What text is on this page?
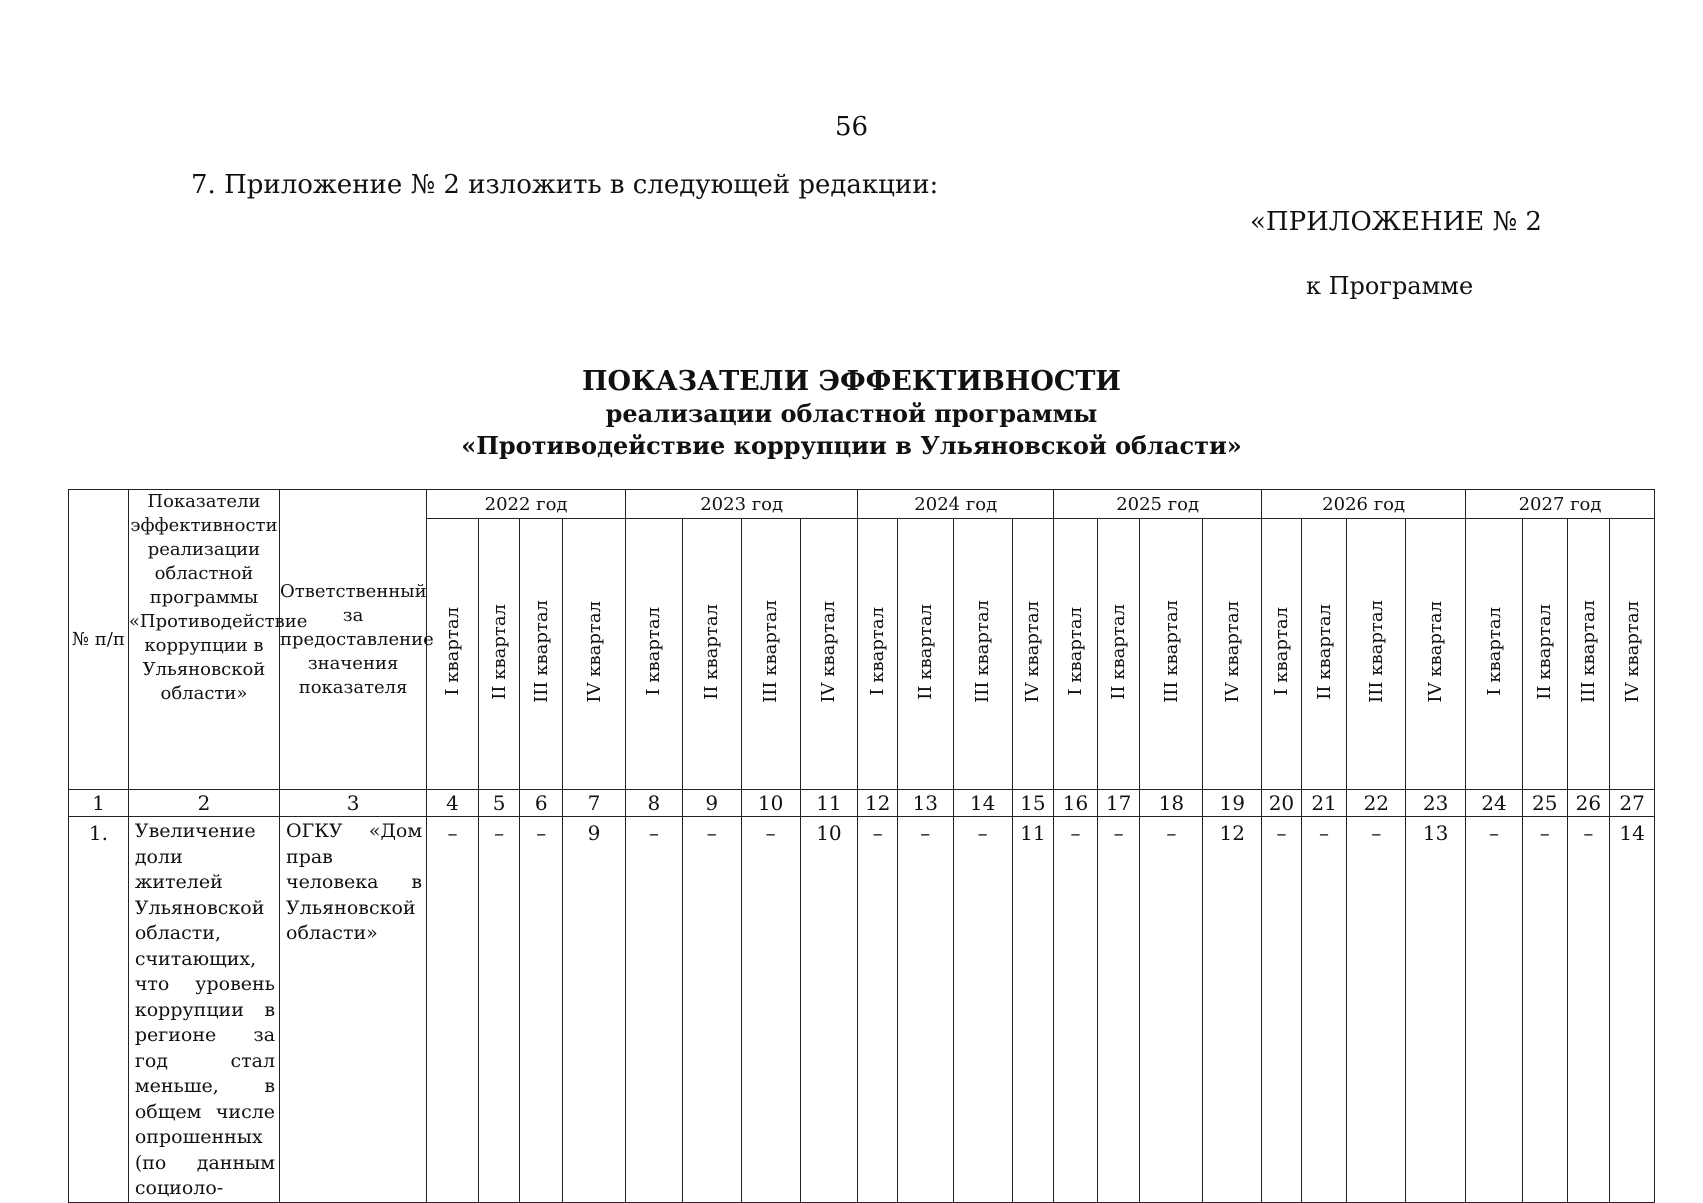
56
7. Приложение № 2 изложить в следующей редакции:
«ПРИЛОЖЕНИЕ № 2
к Программе
ПОКАЗАТЕЛИ ЭФФЕКТИВНОСТИ
реализации областной программы
«Противодействие коррупции в Ульяновской области»
№ п/п	Показатели эффективности реализации областной программы «Противодействие коррупции в Ульяновской области»	Ответственный за предоставление значения показателя	2022 год				2023 год				2024 год				2025 год				2026 год				2027 год			
			I квартал	II квартал	III квартал	IV квартал	I квартал	II квартал	III квартал	IV квартал	I квартал	II квартал	III квартал	IV квартал	I квартал	II квартал	III квартал	IV квартал	I квартал	II квартал	III квартал	IV квартал	I квартал	II квартал	III квартал	IV квартал
1	2	3	4	5	6	7	8	9	10	11	12	13	14	15	16	17	18	19	20	21	22	23	24	25	26	27
1.	Увеличение доли жителей Ульяновской области, считающих, что уровень коррупции в регионе за год стал меньше, в общем числе опрошенных (по данным социоло-	ОГКУ «Дом прав человека в Ульяновской области»	–	–	–	9	–	–	–	10	–	–	–	11	–	–	–	12	–	–	–	13	–	–	–	14
